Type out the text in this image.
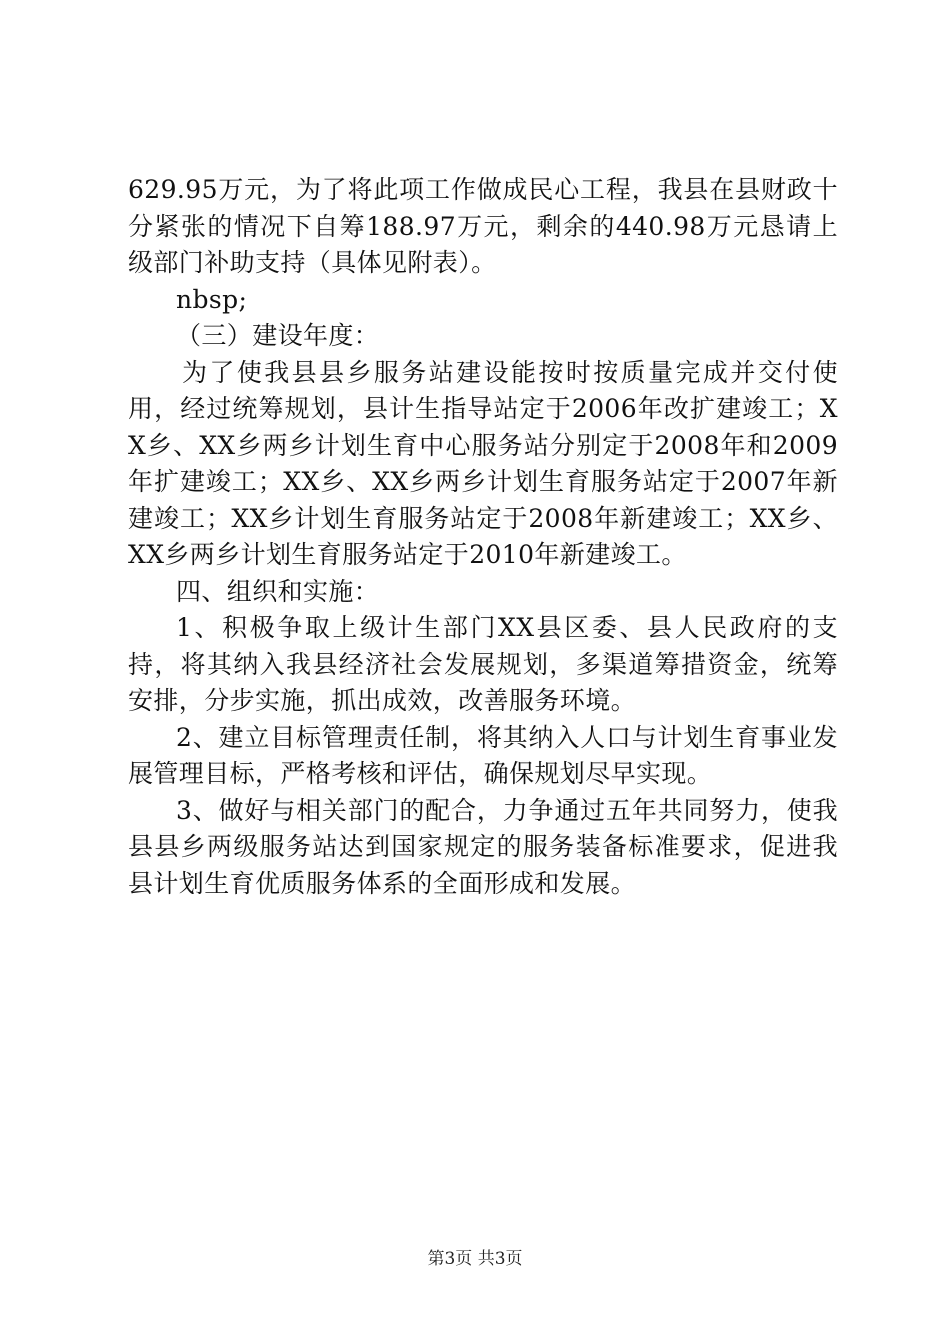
629.95万元，为了将此项工作做成民心工程，我县在县财政十分紧张的情况下自筹188.97万元，剩余的440.98万元恳请上级部门补助支持（具体见附表）。

nbsp;

（三）建设年度：

为了使我县县乡服务站建设能按时按质量完成并交付使用，经过统筹规划，县计生指导站定于2006年改扩建竣工；XX乡、XX乡两乡计划生育中心服务站分别定于2008年和2009年扩建竣工；XX乡、XX乡两乡计划生育服务站定于2007年新建竣工；XX乡计划生育服务站定于2008年新建竣工；XX乡、XX乡两乡计划生育服务站定于2010年新建竣工。

四、组织和实施：

1、积极争取上级计生部门XX县区委、县人民政府的支持，将其纳入我县经济社会发展规划，多渠道筹措资金，统筹安排，分步实施，抓出成效，改善服务环境。

2、建立目标管理责任制，将其纳入人口与计划生育事业发展管理目标，严格考核和评估，确保规划尽早实现。

3、做好与相关部门的配合，力争通过五年共同努力，使我县县乡两级服务站达到国家规定的服务装备标准要求，促进我县计划生育优质服务体系的全面形成和发展。

第3页 共3页
